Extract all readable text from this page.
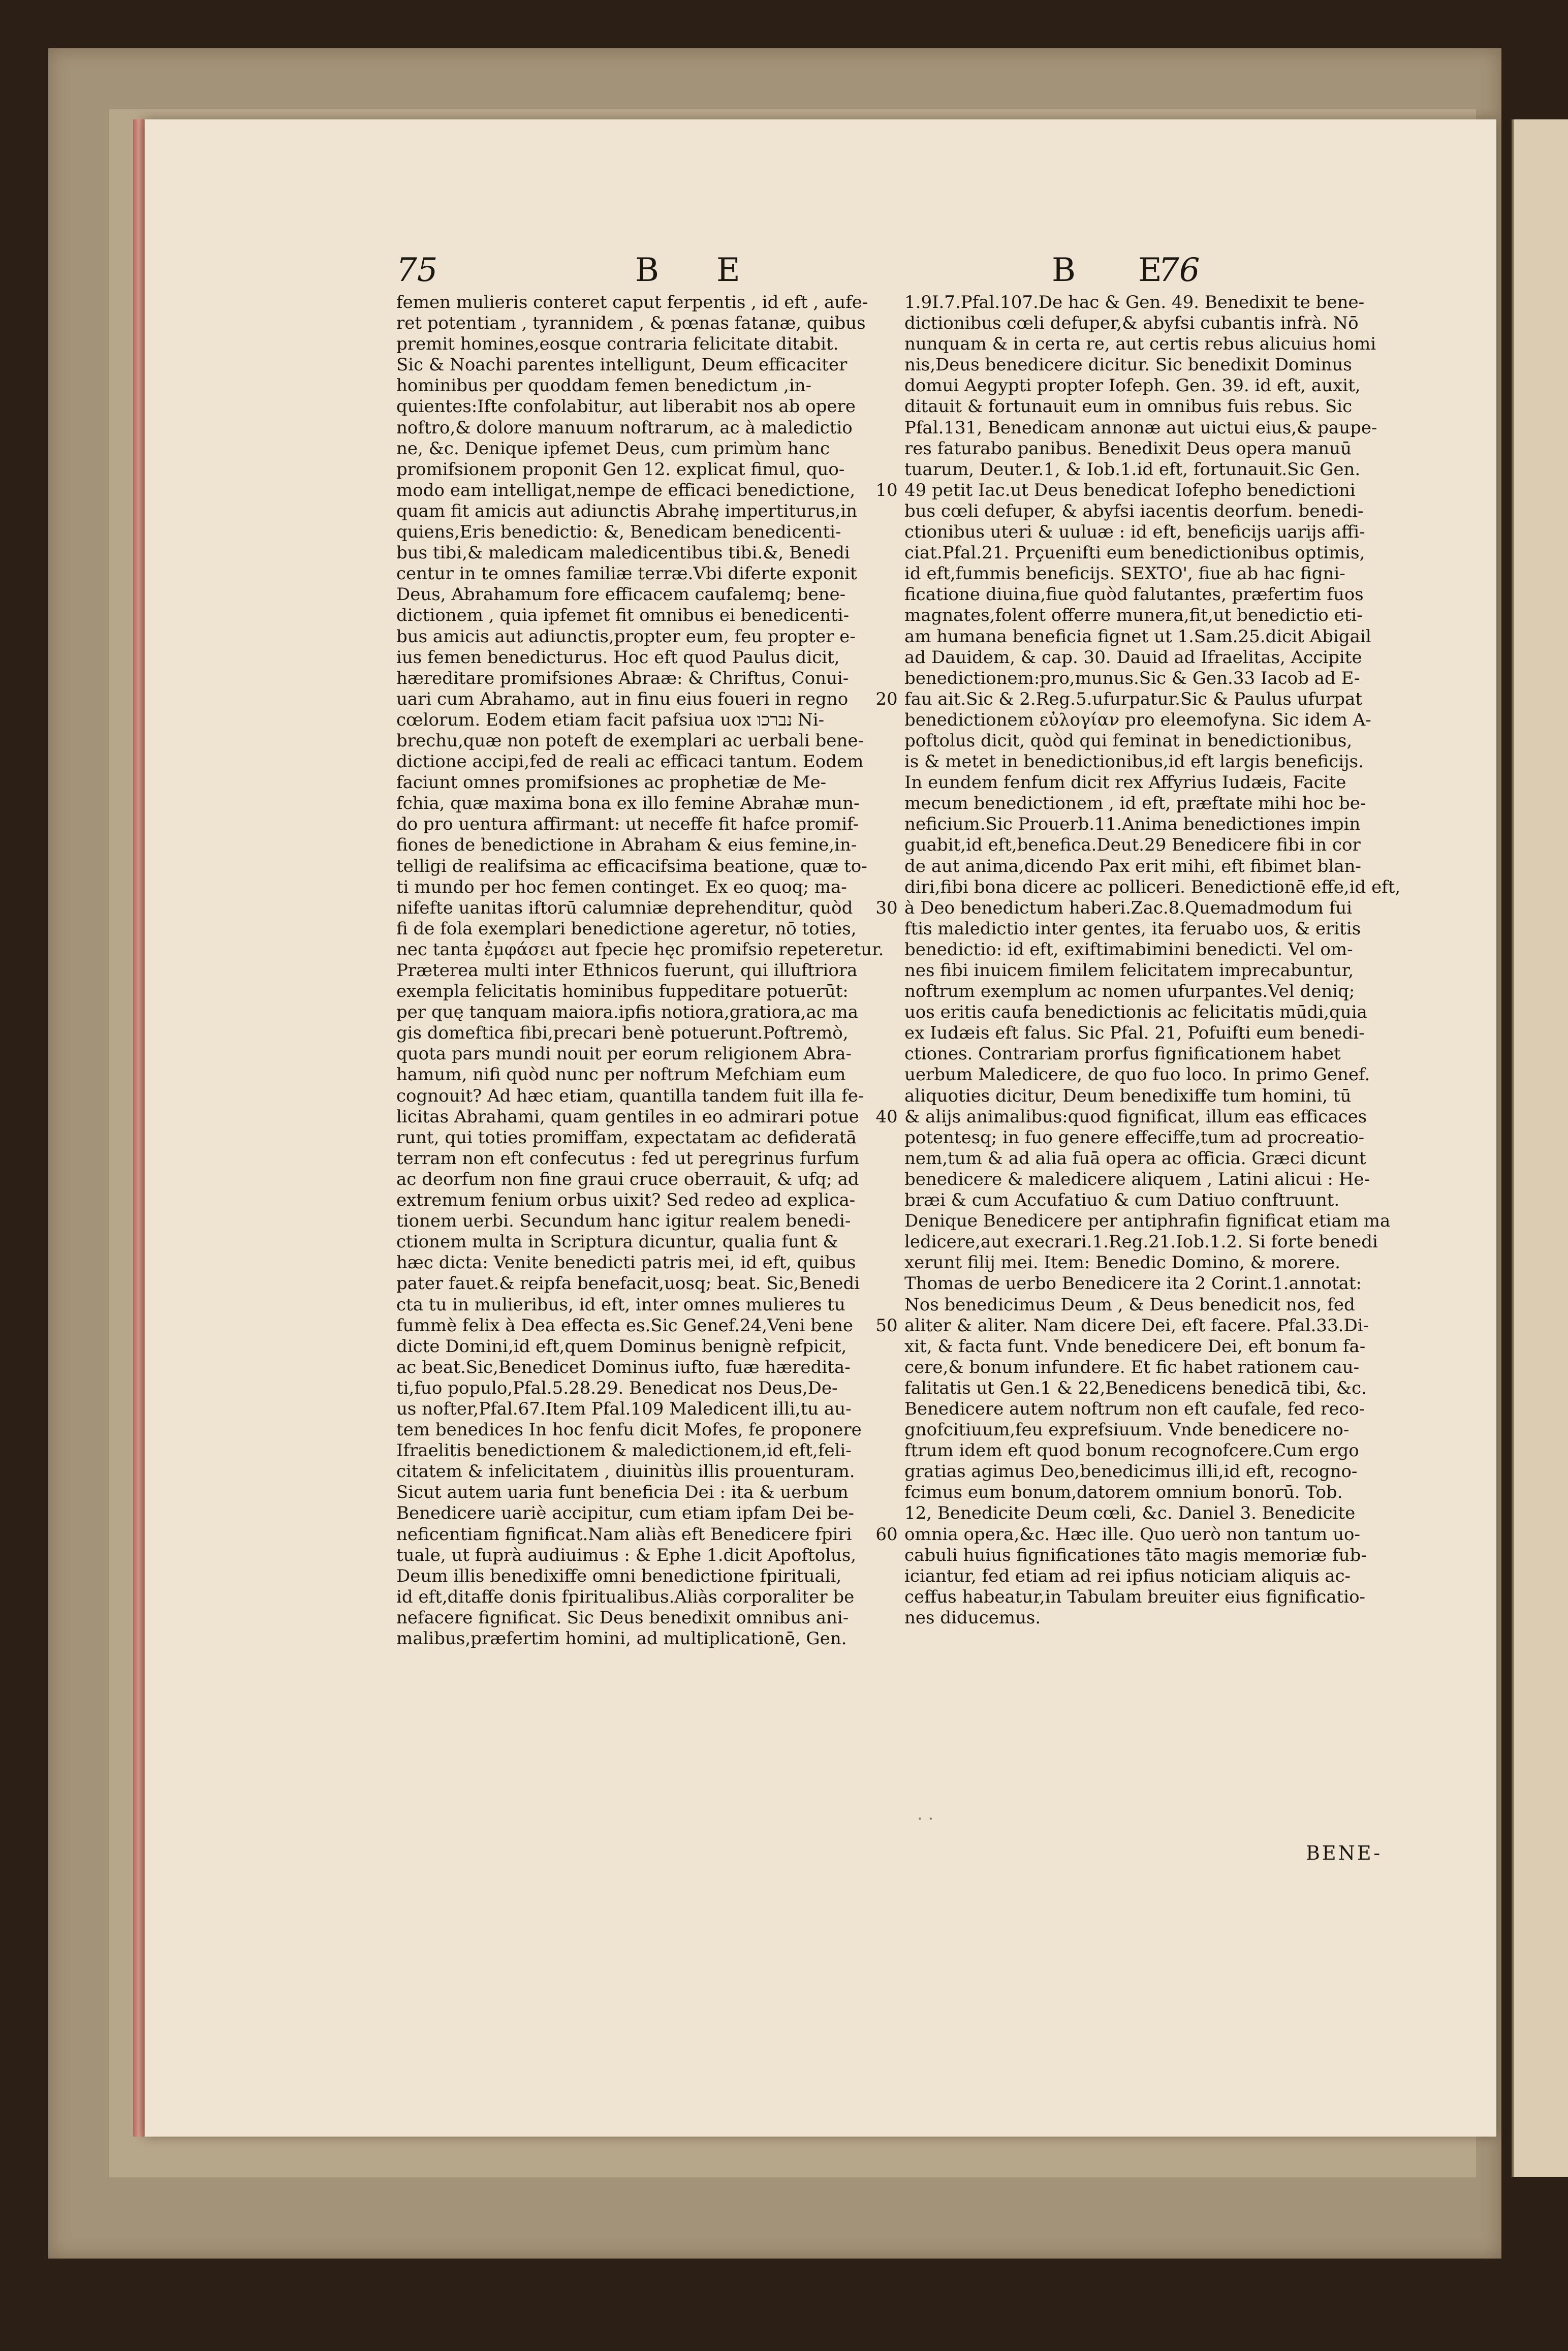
75	B E	B E
76
femen mulieris conteret caput ferpentis , id eft , aufe-
ret potentiam , tyrannidem , & pœnas fatanæ, quibus
premit homines,eosque contraria felicitate ditabit.
Sic & Noachi parentes intelligunt, Deum efficaciter
hominibus per quoddam femen benedictum ,in-
quientes:Ifte confolabitur, aut liberabit nos ab opere
noftro,& dolore manuum noftrarum, ac à maledictio
ne, &c. Denique ipfemet Deus, cum primùm hanc
promifsionem proponit Gen 12. explicat fimul, quo-
modo eam intelligat,nempe de efficaci benedictione,
quam fit amicis aut adiunctis Abrahę impertiturus,in
quiens,Eris benedictio: &, Benedicam benedicenti-
bus tibi,& maledicam maledicentibus tibi.&, Benedi
centur in te omnes familiæ terræ.Vbi diferte exponit
Deus, Abrahamum fore efficacem caufalemq; bene-
dictionem , quia ipfemet fit omnibus ei benedicenti-
bus amicis aut adiunctis,propter eum, feu propter e-
ius femen benedicturus. Hoc eft quod Paulus dicit,
hæreditare promifsiones Abraæ: & Chriftus, Conui-
uari cum Abrahamo, aut in finu eius foueri in regno
cœlorum. Eodem etiam facit pafsiua uox נברכו Ni-
brechu,quæ non poteft de exemplari ac uerbali bene-
dictione accipi,fed de reali ac efficaci tantum. Eodem
faciunt omnes promifsiones ac prophetiæ de Me-
fchia, quæ maxima bona ex illo femine Abrahæ mun-
do pro uentura affirmant: ut neceffe fit hafce promif-
fiones de benedictione in Abraham & eius femine,in-
telligi de realifsima ac efficacifsima beatione, quæ to-
ti mundo per hoc femen continget. Ex eo quoq; ma-
nifefte uanitas iftorū calumniæ deprehenditur, quòd
fi de fola exemplari benedictione ageretur, nō toties,
nec tanta ἐμφάσει aut fpecie hęc promifsio repeteretur.
Præterea multi inter Ethnicos fuerunt, qui illuftriora
exempla felicitatis hominibus fuppeditare potuerūt:
per quę tanquam maiora.ipfis notiora,gratiora,ac ma
gis domeftica fibi,precari benè potuerunt.Poftremò,
quota pars mundi nouit per eorum religionem Abra-
hamum, nifi quòd nunc per noftrum Mefchiam eum
cognouit? Ad hæc etiam, quantilla tandem fuit illa fe-
licitas Abrahami, quam gentiles in eo admirari potue
runt, qui toties promiffam, expectatam ac defideratā
terram non eft confecutus : fed ut peregrinus furfum
ac deorfum non fine graui cruce oberrauit, & ufq; ad
extremum fenium orbus uixit? Sed redeo ad explica-
tionem uerbi. Secundum hanc igitur realem benedi-
ctionem multa in Scriptura dicuntur, qualia funt &
hæc dicta: Venite benedicti patris mei, id eft, quibus
pater fauet.& reipfa benefacit,uosq; beat. Sic,Benedi
cta tu in mulieribus, id eft, inter omnes mulieres tu
fummè felix à Dea effecta es.Sic Genef.24,Veni bene
dicte Domini,id eft,quem Dominus benignè refpicit,
ac beat.Sic,Benedicet Dominus iufto, fuæ hæredita-
ti,fuo populo,Pfal.5.28.29. Benedicat nos Deus,De-
us nofter,Pfal.67.Item Pfal.109 Maledicent illi,tu au-
tem benedices In hoc fenfu dicit Mofes, fe proponere
Ifraelitis benedictionem & maledictionem,id eft,feli-
citatem & infelicitatem , diuinitùs illis prouenturam.
Sicut autem uaria funt beneficia Dei : ita & uerbum
Benedicere uariè accipitur, cum etiam ipfam Dei be-
neficentiam fignificat.Nam aliàs eft Benedicere fpiri
tuale, ut fuprà audiuimus : & Ephe 1.dicit Apoftolus,
Deum illis benedixiffe omni benedictione fpirituali,
id eft,ditaffe donis fpiritualibus.Aliàs corporaliter be
nefacere fignificat. Sic Deus benedixit omnibus ani-
malibus,præfertim homini, ad multiplicationē, Gen.
1.9I.7.Pfal.107.De hac & Gen. 49. Benedixit te bene-
dictionibus cœli defuper,& abyfsi cubantis infrà. Nō
nunquam & in certa re, aut certis rebus alicuius homi
nis,Deus benedicere dicitur. Sic benedixit Dominus
domui Aegypti propter Iofeph. Gen. 39. id eft, auxit,
ditauit & fortunauit eum in omnibus fuis rebus. Sic
Pfal.131, Benedicam annonæ aut uictui eius,& paupe-
res faturabo panibus. Benedixit Deus opera manuū
tuarum, Deuter.1, & Iob.1.id eft, fortunauit.Sic Gen.
49 petit Iac.ut Deus benedicat Iofepho benedictioni
bus cœli defuper, & abyfsi iacentis deorfum. benedi-
ctionibus uteri & uuluæ : id eft, beneficijs uarijs affi-
ciat.Pfal.21. Prçuenifti eum benedictionibus optimis,
id eft,fummis beneficijs. SEXTO', fiue ab hac figni-
ficatione diuina,fiue quòd falutantes, præfertim fuos
magnates,folent offerre munera,fit,ut benedictio eti-
am humana beneficia fignet ut 1.Sam.25.dicit Abigail
ad Dauidem, & cap. 30. Dauid ad Ifraelitas, Accipite
benedictionem:pro,munus.Sic & Gen.33 Iacob ad E-
fau ait.Sic & 2.Reg.5.ufurpatur.Sic & Paulus ufurpat
benedictionem εὐλογίαν pro eleemofyna. Sic idem A-
poftolus dicit, quòd qui feminat in benedictionibus,
is & metet in benedictionibus,id eft largis beneficijs.
In eundem fenfum dicit rex Affyrius Iudæis, Facite
mecum benedictionem , id eft, præftate mihi hoc be-
neficium.Sic Prouerb.11.Anima benedictiones impin
guabit,id eft,benefica.Deut.29 Benedicere fibi in cor
de aut anima,dicendo Pax erit mihi, eft fibimet blan-
diri,fibi bona dicere ac polliceri. Benedictionē effe,id eft,
à Deo benedictum haberi.Zac.8.Quemadmodum fui
ftis maledictio inter gentes, ita feruabo uos, & eritis
benedictio: id eft, exiftimabimini benedicti. Vel om-
nes fibi inuicem fimilem felicitatem imprecabuntur,
noftrum exemplum ac nomen ufurpantes.Vel deniq;
uos eritis caufa benedictionis ac felicitatis mūdi,quia
ex Iudæis eft falus. Sic Pfal. 21, Pofuifti eum benedi-
ctiones. Contrariam prorfus fignificationem habet
uerbum Maledicere, de quo fuo loco. In primo Genef.
aliquoties dicitur, Deum benedixiffe tum homini, tū
& alijs animalibus:quod fignificat, illum eas efficaces
potentesq; in fuo genere effeciffe,tum ad procreatio-
nem,tum & ad alia fuā opera ac officia. Græci dicunt
benedicere & maledicere aliquem , Latini alicui : He-
bræi & cum Accufatiuo & cum Datiuo conftruunt.
Denique Benedicere per antiphrafin fignificat etiam ma
ledicere,aut execrari.1.Reg.21.Iob.1.2. Si forte benedi
xerunt filij mei. Item: Benedic Domino, & morere.
Thomas de uerbo Benedicere ita 2 Corint.1.annotat:
Nos benedicimus Deum , & Deus benedicit nos, fed
aliter & aliter. Nam dicere Dei, eft facere. Pfal.33.Di-
xit, & facta funt. Vnde benedicere Dei, eft bonum fa-
cere,& bonum infundere. Et fic habet rationem cau-
falitatis ut Gen.1 & 22,Benedicens benedicā tibi, &c.
Benedicere autem noftrum non eft caufale, fed reco-
gnofcitiuum,feu exprefsiuum. Vnde benedicere no-
ftrum idem eft quod bonum recognofcere.Cum ergo
gratias agimus Deo,benedicimus illi,id eft, recogno-
fcimus eum bonum,datorem omnium bonorū. Tob.
12, Benedicite Deum cœli, &c. Daniel 3. Benedicite
omnia opera,&c. Hæc ille. Quo uerò non tantum uo-
cabuli huius fignificationes tāto magis memoriæ fub-
iciantur, fed etiam ad rei ipfius noticiam aliquis ac-
ceffus habeatur,in Tabulam breuiter eius fignificatio-
nes diducemus.
10
20
30
40
50
60
· ·
BENE-
